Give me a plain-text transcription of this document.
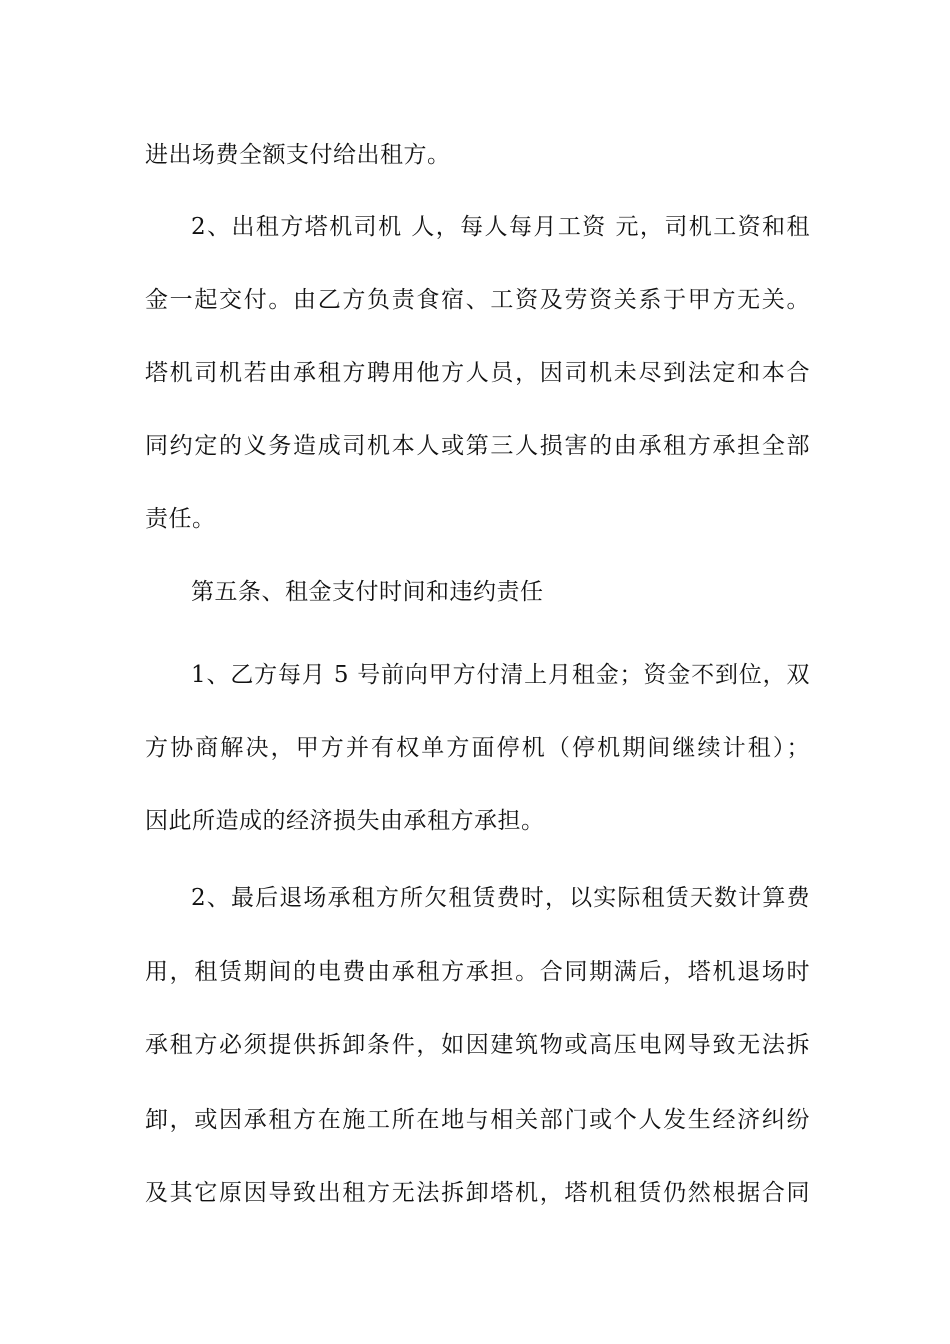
进出场费全额支付给出租方。
2、出租方塔机司机 人，每人每月工资 元，司机工资和租
金一起交付。由乙方负责食宿、工资及劳资关系于甲方无关。
塔机司机若由承租方聘用他方人员，因司机未尽到法定和本合
同约定的义务造成司机本人或第三人损害的由承租方承担全部
责任。
第五条、租金支付时间和违约责任
1、乙方每月 5 号前向甲方付清上月租金；资金不到位，双
方协商解决，甲方并有权单方面停机（停机期间继续计租）；
因此所造成的经济损失由承租方承担。
2、最后退场承租方所欠租赁费时，以实际租赁天数计算费
用，租赁期间的电费由承租方承担。合同期满后，塔机退场时
承租方必须提供拆卸条件，如因建筑物或高压电网导致无法拆
卸，或因承租方在施工所在地与相关部门或个人发生经济纠纷
及其它原因导致出租方无法拆卸塔机，塔机租赁仍然根据合同
